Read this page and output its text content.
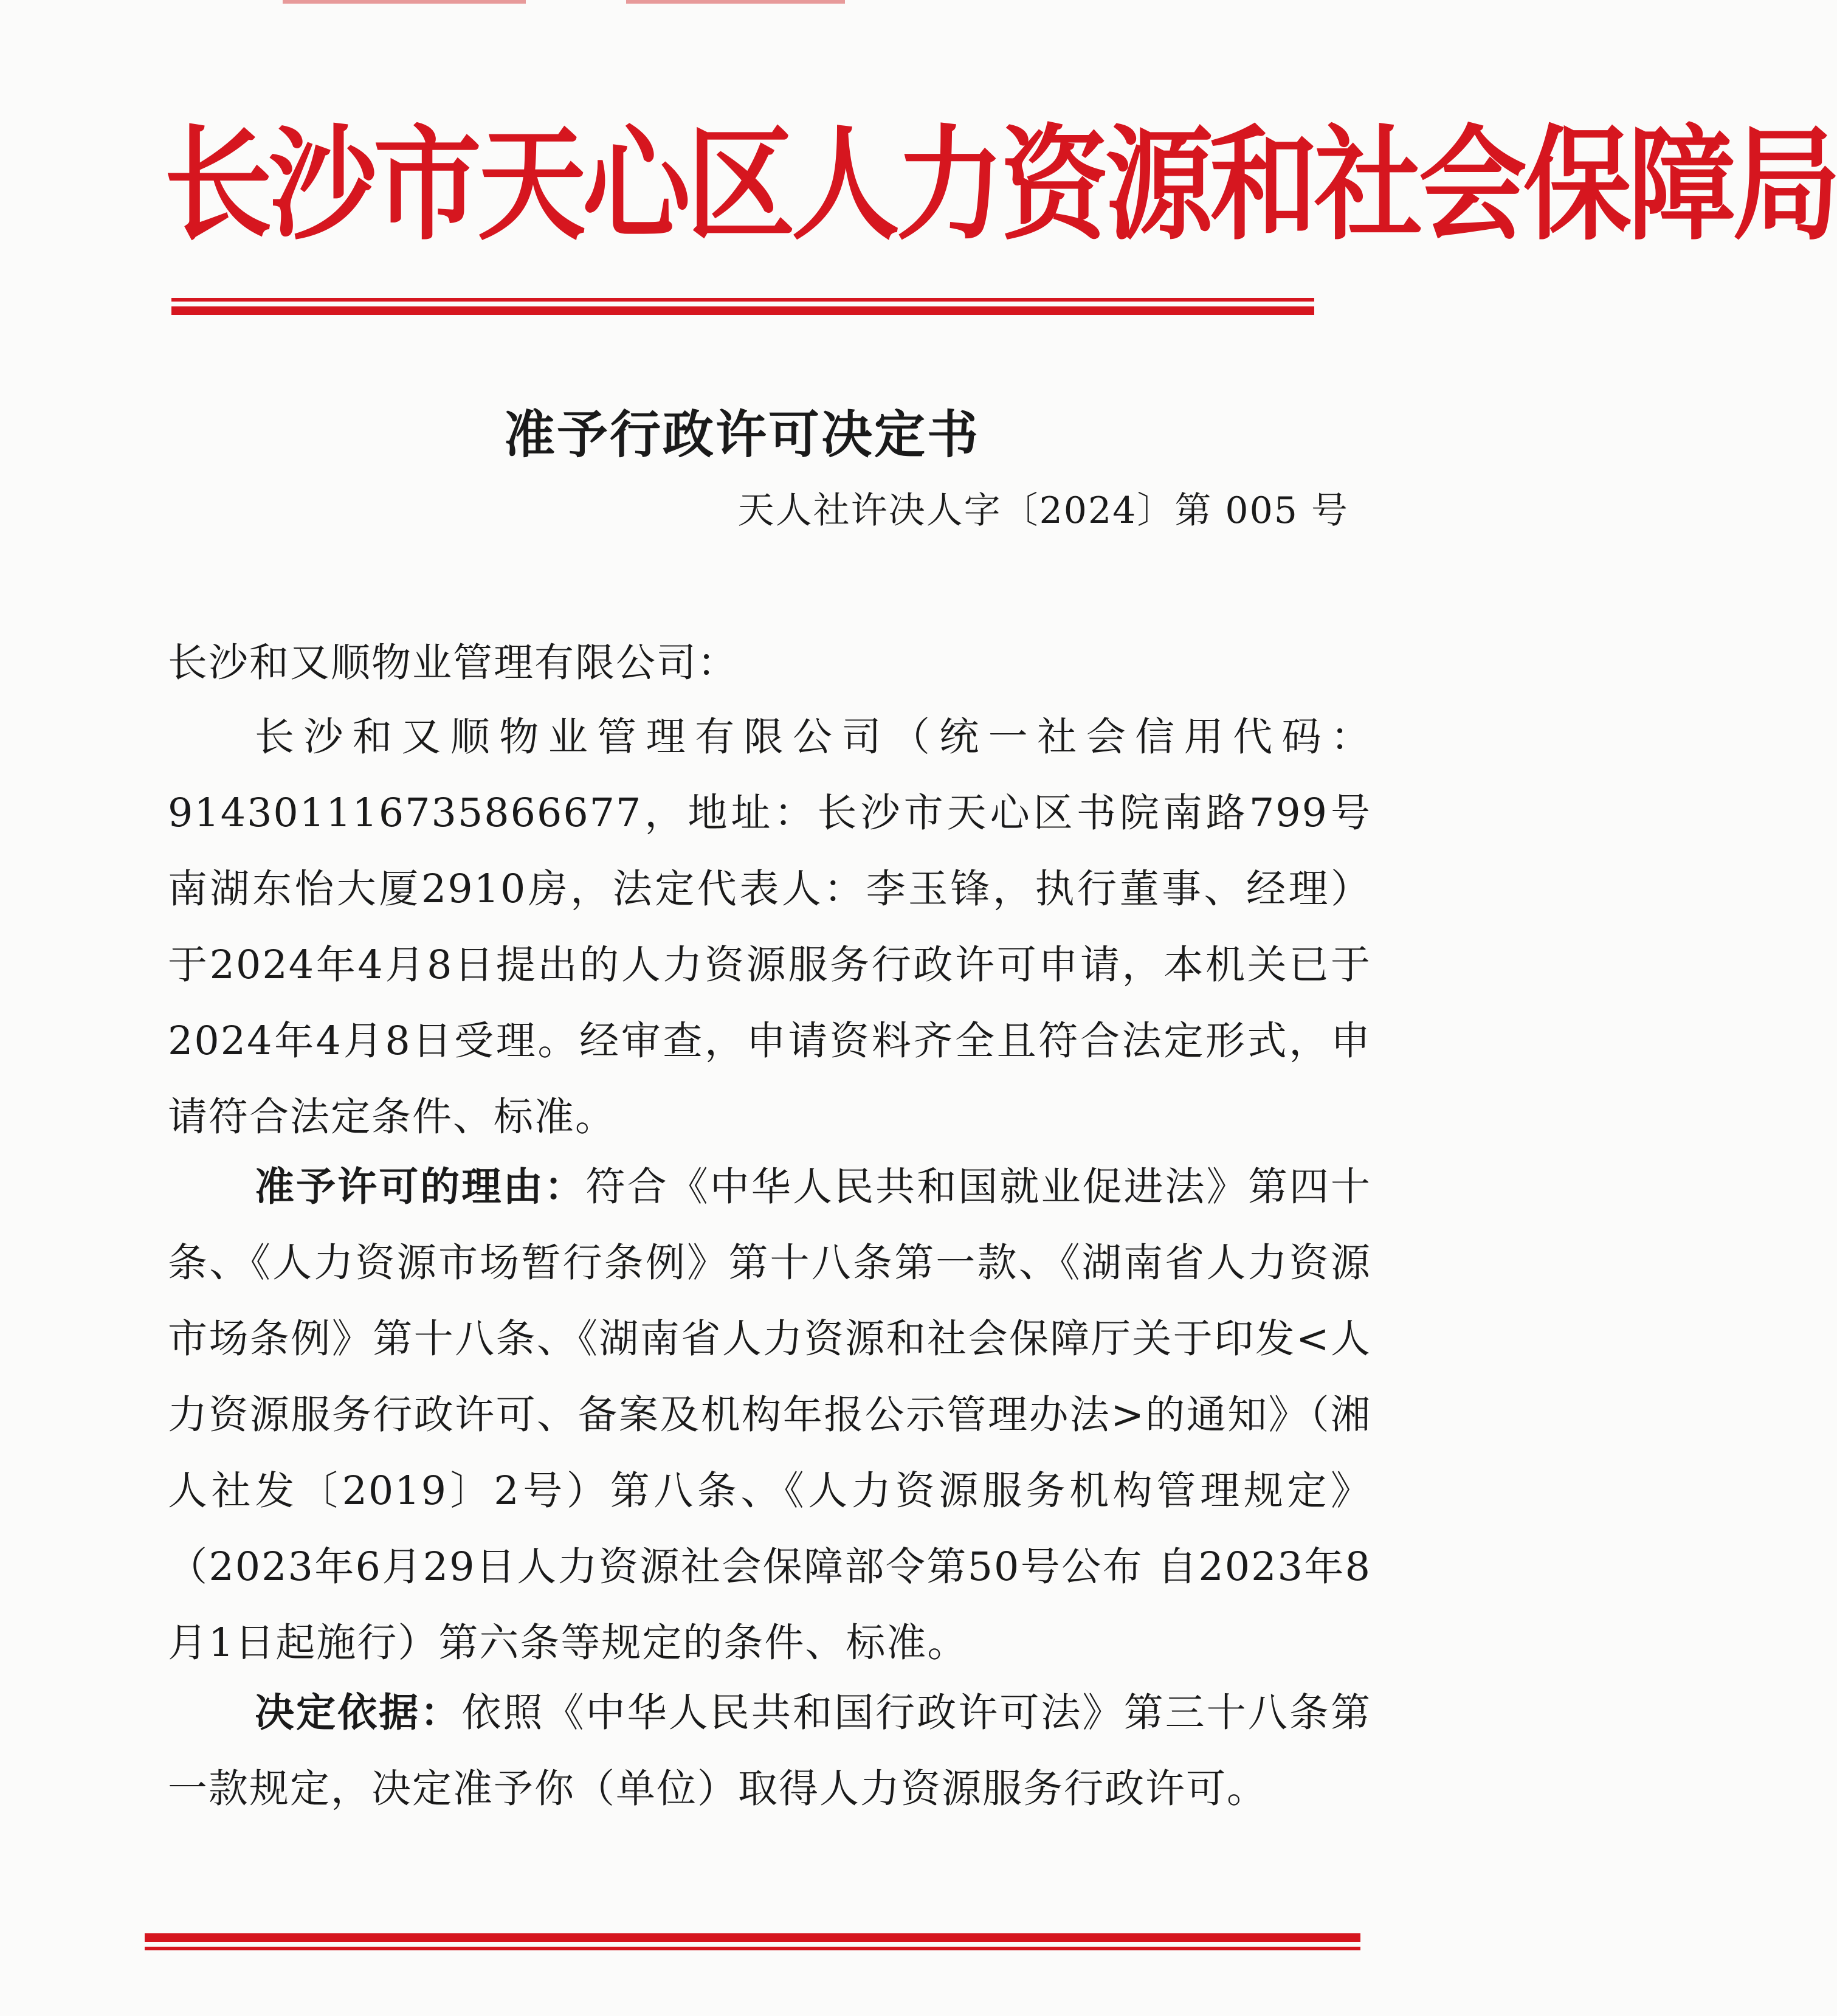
长沙市天心区人力资源和社会保障局
准予行政许可决定书
天人社许决人字〔2024〕第 005 号
长沙和又顺物业管理有限公司：
长沙和又顺物业管理有限公司（统一社会信用代码：914301116735866677，地址：长沙市天心区书院南路799号南湖东怡大厦2910房，法定代表人：李玉锋，执行董事、经理）于2024年4月8日提出的人力资源服务行政许可申请，本机关已于2024年4月8日受理。经审查，申请资料齐全且符合法定形式，申请符合法定条件、标准。
准予许可的理由：符合《中华人民共和国就业促进法》第四十条、《人力资源市场暂行条例》第十八条第一款、《湖南省人力资源市场条例》第十八条、《湖南省人力资源和社会保障厅关于印发<人力资源服务行政许可、备案及机构年报公示管理办法>的通知》（湘人社发〔2019〕2号）第八条、《人力资源服务机构管理规定》（2023年6月29日人力资源社会保障部令第50号公布 自2023年8月1日起施行）第六条等规定的条件、标准。
决定依据：依照《中华人民共和国行政许可法》第三十八条第一款规定，决定准予你（单位）取得人力资源服务行政许可。
